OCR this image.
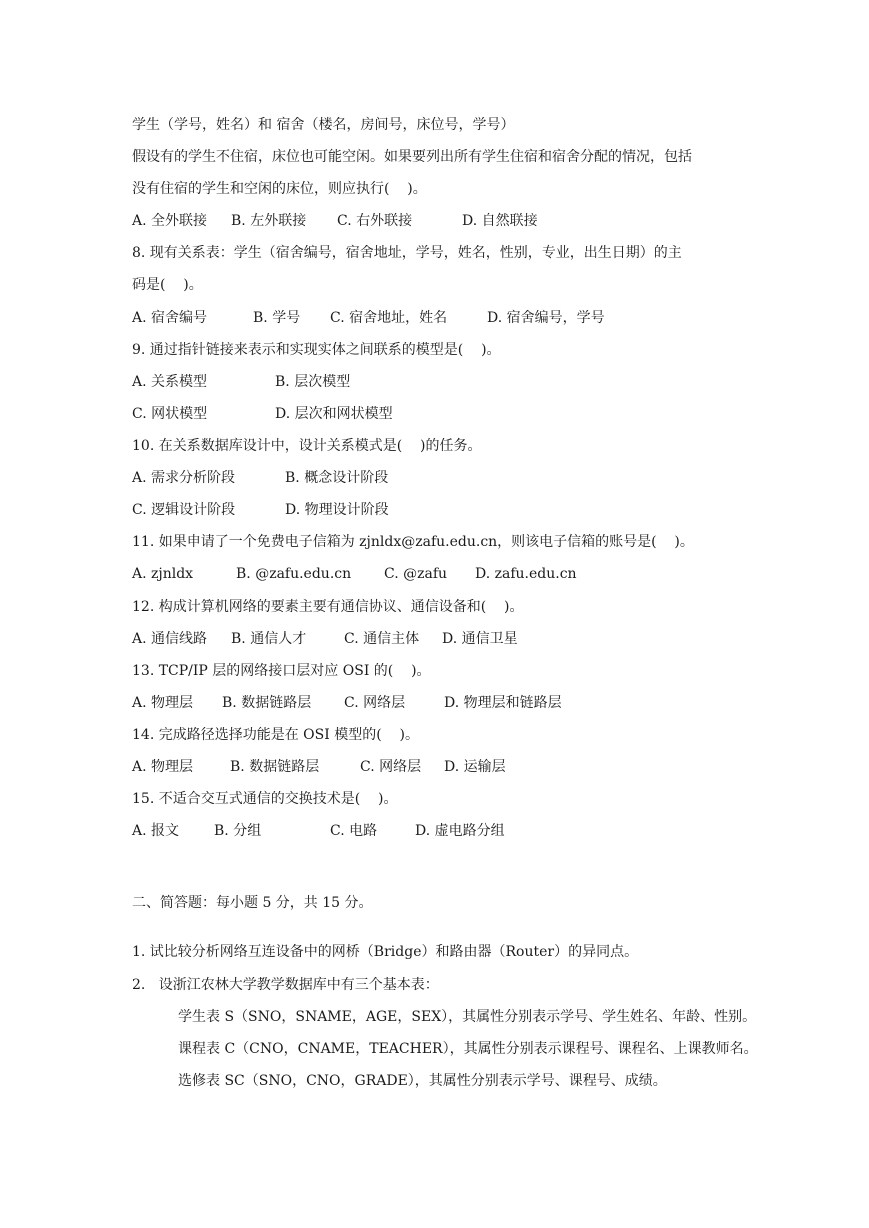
学生（学号，姓名）和 宿舍（楼名，房间号，床位号，学号）
假设有的学生不住宿，床位也可能空闲。如果要列出所有学生住宿和宿舍分配的情况，包括
没有住宿的学生和空闲的床位，则应执行(    )。
A. 全外联接	B. 左外联接	C. 右外联接	D. 自然联接
8. 现有关系表：学生（宿舍编号，宿舍地址，学号，姓名，性别，专业，出生日期）的主
码是(    )。
A. 宿舍编号	B. 学号	C. 宿舍地址，姓名	D. 宿舍编号，学号
9. 通过指针链接来表示和实现实体之间联系的模型是(    )。
A. 关系模型	B. 层次模型
C. 网状模型	D. 层次和网状模型
10. 在关系数据库设计中，设计关系模式是(    )的任务。
A. 需求分析阶段	B. 概念设计阶段
C. 逻辑设计阶段	D. 物理设计阶段
11. 如果申请了一个免费电子信箱为 zjnldx@zafu.edu.cn，则该电子信箱的账号是(    )。
A. zjnldx	B. @zafu.edu.cn	C. @zafu	D. zafu.edu.cn
12. 构成计算机网络的要素主要有通信协议、通信设备和(    )。
A. 通信线路	B. 通信人才	C. 通信主体	D. 通信卫星
13. TCP/IP 层的网络接口层对应 OSI 的(    )。
A. 物理层	B. 数据链路层	C. 网络层	D. 物理层和链路层
14. 完成路径选择功能是在 OSI 模型的(    )。
A. 物理层	B. 数据链路层	C. 网络层	D. 运输层
15. 不适合交互式通信的交换技术是(    )。
A. 报文	B. 分组	C. 电路	D. 虚电路分组
二、简答题：每小题 5 分，共 15 分。
1. 试比较分析网络互连设备中的网桥（Bridge）和路由器（Router）的异同点。
2.   设浙江农林大学教学数据库中有三个基本表：
学生表 S（SNO，SNAME，AGE，SEX），其属性分别表示学号、学生姓名、年龄、性别。
课程表 C（CNO，CNAME，TEACHER），其属性分别表示课程号、课程名、上课教师名。
选修表 SC（SNO，CNO，GRADE），其属性分别表示学号、课程号、成绩。
